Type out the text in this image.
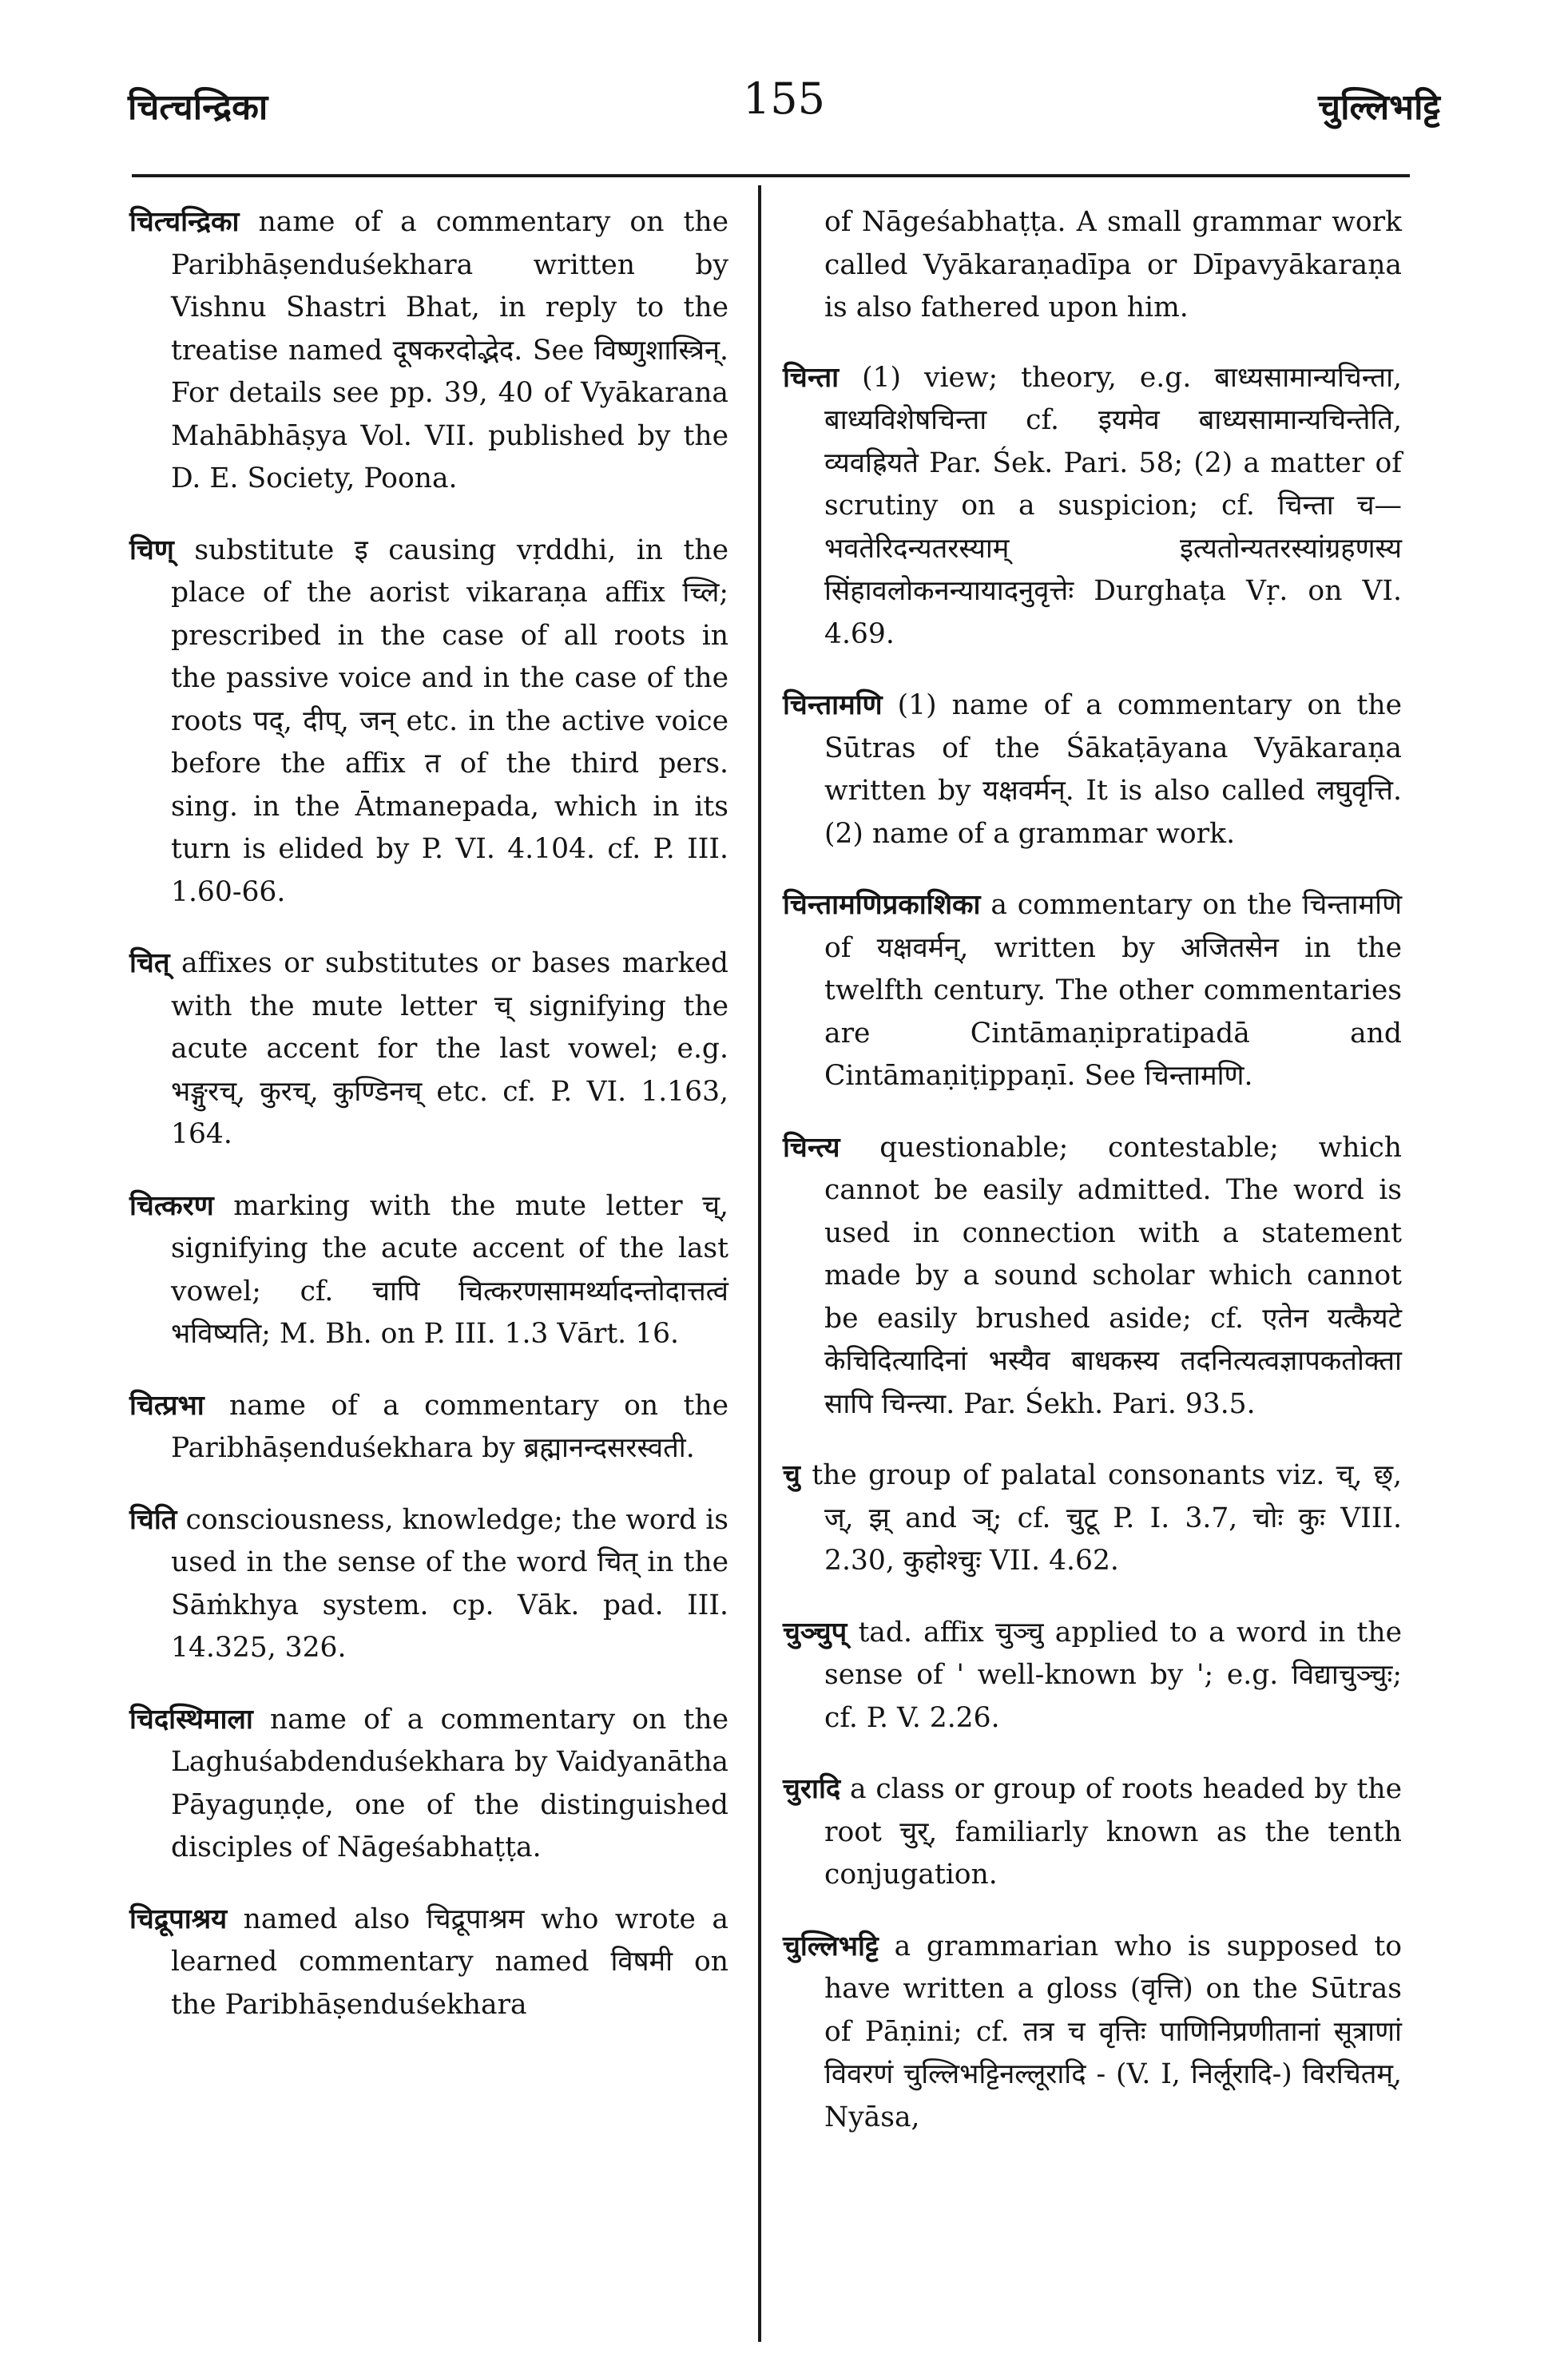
चित्चन्द्रिका	155	चुल्लिभट्टि

चित्चन्द्रिका name of a commentary on the Paribhāṣenduśekhara written by Vishnu Shastri Bhat, in reply to the treatise named दूषकरदोद्भेद. See विष्णुशास्त्रिन्. For details see pp. 39, 40 of Vyākarana Mahābhāṣya Vol. VII. published by the D. E. Society, Poona.

चिण् substitute इ causing vṛddhi, in the place of the aorist vikaraṇa affix च्लि; prescribed in the case of all roots in the passive voice and in the case of the roots पद्, दीप्, जन् etc. in the active voice before the affix त of the third pers. sing. in the Ātmanepada, which in its turn is elided by P. VI. 4.104. cf. P. III. 1.60-66.

चित् affixes or substitutes or bases marked with the mute letter च् signifying the acute accent for the last vowel; e.g. भङ्गुरच्, कुरच्, कुण्डिनच् etc. cf. P. VI. 1.163, 164.

चित्करण marking with the mute letter च्, signifying the acute accent of the last vowel; cf. चापि चित्करणसामर्थ्यादन्तोदात्तत्वं भविष्यति; M. Bh. on P. III. 1.3 Vārt. 16.

चित्प्रभा name of a commentary on the Paribhāṣenduśekhara by ब्रह्मानन्दसरस्वती.

चिति consciousness, knowledge; the word is used in the sense of the word चित् in the Sāṁkhya system. cp. Vāk. pad. III. 14.325, 326.

चिदस्थिमाला name of a commentary on the Laghuśabdenduśekhara by Vaidyanātha Pāyaguṇḍe, one of the distinguished disciples of Nāgeśabhaṭṭa.

चिद्रूपाश्रय named also चिद्रूपाश्रम who wrote a learned commentary named विषमी on the Paribhāṣenduśekhara

of Nāgeśabhaṭṭa. A small grammar work called Vyākaraṇadīpa or Dīpavyākaraṇa is also fathered upon him.

चिन्ता (1) view; theory, e.g. बाध्यसामान्यचिन्ता, बाध्यविशेषचिन्ता cf. इयमेव बाध्यसामान्यचिन्तेति, व्यवह्रियते Par. Śek. Pari. 58; (2) a matter of scrutiny on a suspicion; cf. चिन्ता च—भवतेरिदन्यतरस्याम् इत्यतोन्यतरस्यांग्रहणस्य सिंहावलोकनन्यायादनुवृत्तेः Durghaṭa Vṛ. on VI. 4.69.

चिन्तामणि (1) name of a commentary on the Sūtras of the Śākaṭāyana Vyākaraṇa written by यक्षवर्मन्. It is also called लघुवृत्ति. (2) name of a grammar work.

चिन्तामणिप्रकाशिका a commentary on the चिन्तामणि of यक्षवर्मन्, written by अजितसेन in the twelfth century. The other commentaries are Cintāmaṇipratipadā and Cintāmaṇiṭippaṇī. See चिन्तामणि.

चिन्त्य questionable; contestable; which cannot be easily admitted. The word is used in connection with a statement made by a sound scholar which cannot be easily brushed aside; cf. एतेन यत्कैयटे केचिदित्यादिनां भस्यैव बाधकस्य तदनित्यत्वज्ञापकतोक्ता सापि चिन्त्या. Par. Śekh. Pari. 93.5.

चु the group of palatal consonants viz. च्, छ्, ज्, झ् and ञ्; cf. चुटू P. I. 3.7, चोः कुः VIII. 2.30, कुहोश्चुः VII. 4.62.

चुञ्चुप् tad. affix चुञ्चु applied to a word in the sense of ' well-known by '; e.g. विद्याचुञ्चुः; cf. P. V. 2.26.

चुरादि a class or group of roots headed by the root चुर्, familiarly known as the tenth conjugation.

चुल्लिभट्टि a grammarian who is supposed to have written a gloss (वृत्ति) on the Sūtras of Pāṇini; cf. तत्र च वृत्तिः पाणिनिप्रणीतानां सूत्राणां विवरणं चुल्लिभट्टिनल्लूरादि - (V. I, निर्लूरादि-) विरचितम्, Nyāsa,
